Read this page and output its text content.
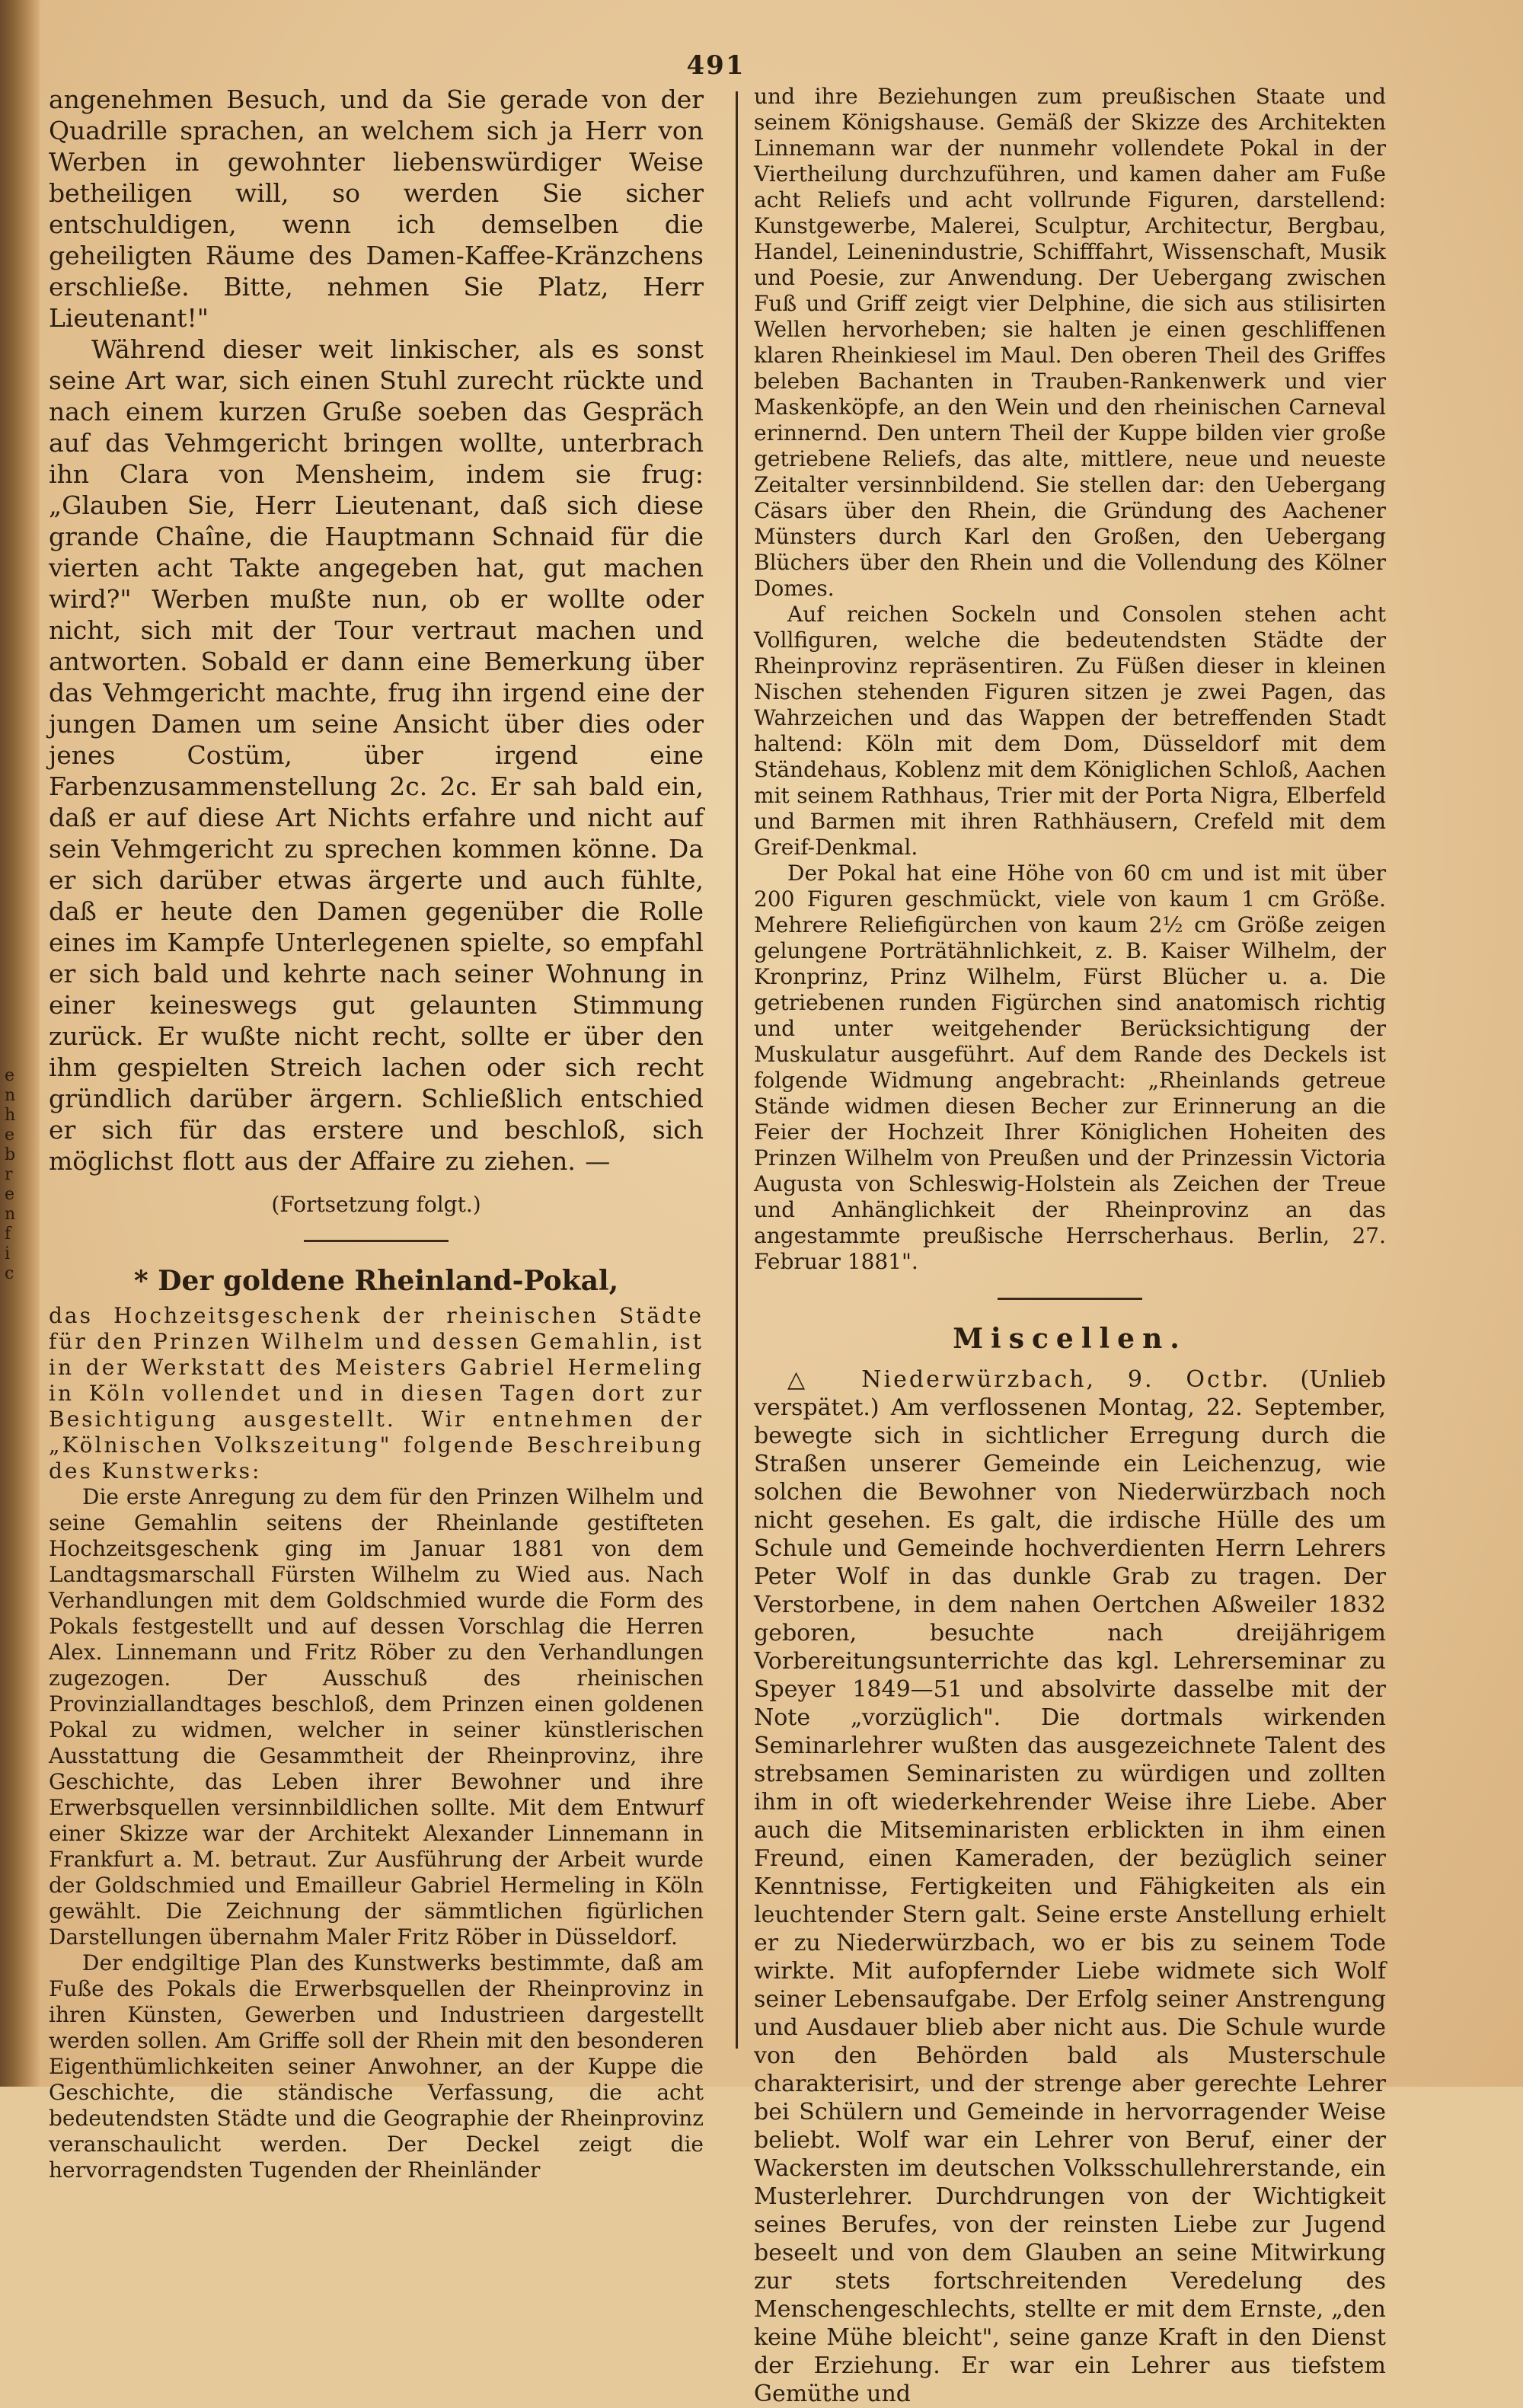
e
n
h
e
b
r
e
n
f
i
c
491

angenehmen Besuch, und da Sie gerade von der Quadrille sprachen, an welchem sich ja Herr von Werben in gewohnter liebenswürdiger Weise betheiligen will, so werden Sie sicher entschuldigen, wenn ich demselben die geheiligten Räume des Damen-Kaffee-Kränzchens erschließe. Bitte, nehmen Sie Platz, Herr Lieutenant!"

Während dieser weit linkischer, als es sonst seine Art war, sich einen Stuhl zurecht rückte und nach einem kurzen Gruße soeben das Gespräch auf das Vehmgericht bringen wollte, unterbrach ihn Clara von Mensheim, indem sie frug: „Glauben Sie, Herr Lieutenant, daß sich diese grande Chaîne, die Hauptmann Schnaid für die vierten acht Takte angegeben hat, gut machen wird?" Werben mußte nun, ob er wollte oder nicht, sich mit der Tour vertraut machen und antworten. Sobald er dann eine Bemerkung über das Vehmgericht machte, frug ihn irgend eine der jungen Damen um seine Ansicht über dies oder jenes Costüm, über irgend eine Farbenzusammenstellung 2c. 2c. Er sah bald ein, daß er auf diese Art Nichts erfahre und nicht auf sein Vehmgericht zu sprechen kommen könne. Da er sich darüber etwas ärgerte und auch fühlte, daß er heute den Damen gegenüber die Rolle eines im Kampfe Unterlegenen spielte, so empfahl er sich bald und kehrte nach seiner Wohnung in einer keineswegs gut gelaunten Stimmung zurück. Er wußte nicht recht, sollte er über den ihm gespielten Streich lachen oder sich recht gründlich darüber ärgern. Schließlich entschied er sich für das erstere und beschloß, sich möglichst flott aus der Affaire zu ziehen. —

(Fortsetzung folgt.)
* Der goldene Rheinland-Pokal,

das Hochzeitsgeschenk der rheinischen Städte für den Prinzen Wilhelm und dessen Gemahlin, ist in der Werkstatt des Meisters Gabriel Hermeling in Köln vollendet und in diesen Tagen dort zur Besichtigung ausgestellt. Wir entnehmen der „Kölnischen Volkszeitung" folgende Beschreibung des Kunstwerks:

Die erste Anregung zu dem für den Prinzen Wilhelm und seine Gemahlin seitens der Rheinlande gestifteten Hochzeitsgeschenk ging im Januar 1881 von dem Landtagsmarschall Fürsten Wilhelm zu Wied aus. Nach Verhandlungen mit dem Goldschmied wurde die Form des Pokals festgestellt und auf dessen Vorschlag die Herren Alex. Linnemann und Fritz Röber zu den Verhandlungen zugezogen. Der Ausschuß des rheinischen Provinziallandtages beschloß, dem Prinzen einen goldenen Pokal zu widmen, welcher in seiner künstlerischen Ausstattung die Gesammtheit der Rheinprovinz, ihre Geschichte, das Leben ihrer Bewohner und ihre Erwerbsquellen versinnbildlichen sollte. Mit dem Entwurf einer Skizze war der Architekt Alexander Linnemann in Frankfurt a. M. betraut. Zur Ausführung der Arbeit wurde der Goldschmied und Emailleur Gabriel Hermeling in Köln gewählt. Die Zeichnung der sämmtlichen figürlichen Darstellungen übernahm Maler Fritz Röber in Düsseldorf.

Der endgiltige Plan des Kunstwerks bestimmte, daß am Fuße des Pokals die Erwerbsquellen der Rheinprovinz in ihren Künsten, Gewerben und Industrieen dargestellt werden sollen. Am Griffe soll der Rhein mit den besonderen Eigenthümlichkeiten seiner Anwohner, an der Kuppe die Geschichte, die ständische Verfassung, die acht bedeutendsten Städte und die Geographie der Rheinprovinz veranschaulicht werden. Der Deckel zeigt die hervorragendsten Tugenden der Rheinländer

und ihre Beziehungen zum preußischen Staate und seinem Königshause. Gemäß der Skizze des Architekten Linnemann war der nunmehr vollendete Pokal in der Viertheilung durchzuführen, und kamen daher am Fuße acht Reliefs und acht vollrunde Figuren, darstellend: Kunstgewerbe, Malerei, Sculptur, Architectur, Bergbau, Handel, Leinenindustrie, Schifffahrt, Wissenschaft, Musik und Poesie, zur Anwendung. Der Uebergang zwischen Fuß und Griff zeigt vier Delphine, die sich aus stilisirten Wellen hervorheben; sie halten je einen geschliffenen klaren Rheinkiesel im Maul. Den oberen Theil des Griffes beleben Bachanten in Trauben-Rankenwerk und vier Maskenköpfe, an den Wein und den rheinischen Carneval erinnernd. Den untern Theil der Kuppe bilden vier große getriebene Reliefs, das alte, mittlere, neue und neueste Zeitalter versinnbildend. Sie stellen dar: den Uebergang Cäsars über den Rhein, die Gründung des Aachener Münsters durch Karl den Großen, den Uebergang Blüchers über den Rhein und die Vollendung des Kölner Domes.

Auf reichen Sockeln und Consolen stehen acht Vollfiguren, welche die bedeutendsten Städte der Rheinprovinz repräsentiren. Zu Füßen dieser in kleinen Nischen stehenden Figuren sitzen je zwei Pagen, das Wahrzeichen und das Wappen der betreffenden Stadt haltend: Köln mit dem Dom, Düsseldorf mit dem Ständehaus, Koblenz mit dem Königlichen Schloß, Aachen mit seinem Rathhaus, Trier mit der Porta Nigra, Elberfeld und Barmen mit ihren Rathhäusern, Crefeld mit dem Greif-Denkmal.

Der Pokal hat eine Höhe von 60 cm und ist mit über 200 Figuren geschmückt, viele von kaum 1 cm Größe. Mehrere Reliefigürchen von kaum 2½ cm Größe zeigen gelungene Porträtähnlichkeit, z. B. Kaiser Wilhelm, der Kronprinz, Prinz Wilhelm, Fürst Blücher u. a. Die getriebenen runden Figürchen sind anatomisch richtig und unter weitgehender Berücksichtigung der Muskulatur ausgeführt. Auf dem Rande des Deckels ist folgende Widmung angebracht: „Rheinlands getreue Stände widmen diesen Becher zur Erinnerung an die Feier der Hochzeit Ihrer Königlichen Hoheiten des Prinzen Wilhelm von Preußen und der Prinzessin Victoria Augusta von Schleswig-Holstein als Zeichen der Treue und Anhänglichkeit der Rheinprovinz an das angestammte preußische Herrscherhaus. Berlin, 27. Februar 1881".

Miscellen.

△ Niederwürzbach, 9. Octbr. (Unlieb verspätet.) Am verflossenen Montag, 22. September, bewegte sich in sichtlicher Erregung durch die Straßen unserer Gemeinde ein Leichenzug, wie solchen die Bewohner von Niederwürzbach noch nicht gesehen. Es galt, die irdische Hülle des um Schule und Gemeinde hochverdienten Herrn Lehrers Peter Wolf in das dunkle Grab zu tragen. Der Verstorbene, in dem nahen Oertchen Aßweiler 1832 geboren, besuchte nach dreijährigem Vorbereitungsunterrichte das kgl. Lehrerseminar zu Speyer 1849—51 und absolvirte dasselbe mit der Note „vorzüglich". Die dortmals wirkenden Seminarlehrer wußten das ausgezeichnete Talent des strebsamen Seminaristen zu würdigen und zollten ihm in oft wiederkehrender Weise ihre Liebe. Aber auch die Mitseminaristen erblickten in ihm einen Freund, einen Kameraden, der bezüglich seiner Kenntnisse, Fertigkeiten und Fähigkeiten als ein leuchtender Stern galt. Seine erste Anstellung erhielt er zu Niederwürzbach, wo er bis zu seinem Tode wirkte. Mit aufopfernder Liebe widmete sich Wolf seiner Lebensaufgabe. Der Erfolg seiner Anstrengung und Ausdauer blieb aber nicht aus. Die Schule wurde von den Behörden bald als Musterschule charakterisirt, und der strenge aber gerechte Lehrer bei Schülern und Gemeinde in hervorragender Weise beliebt. Wolf war ein Lehrer von Beruf, einer der Wackersten im deutschen Volksschullehrerstande, ein Musterlehrer. Durchdrungen von der Wichtigkeit seines Berufes, von der reinsten Liebe zur Jugend beseelt und von dem Glauben an seine Mitwirkung zur stets fortschreitenden Veredelung des Menschengeschlechts, stellte er mit dem Ernste, „den keine Mühe bleicht", seine ganze Kraft in den Dienst der Erziehung. Er war ein Lehrer aus tiefstem Gemüthe und
